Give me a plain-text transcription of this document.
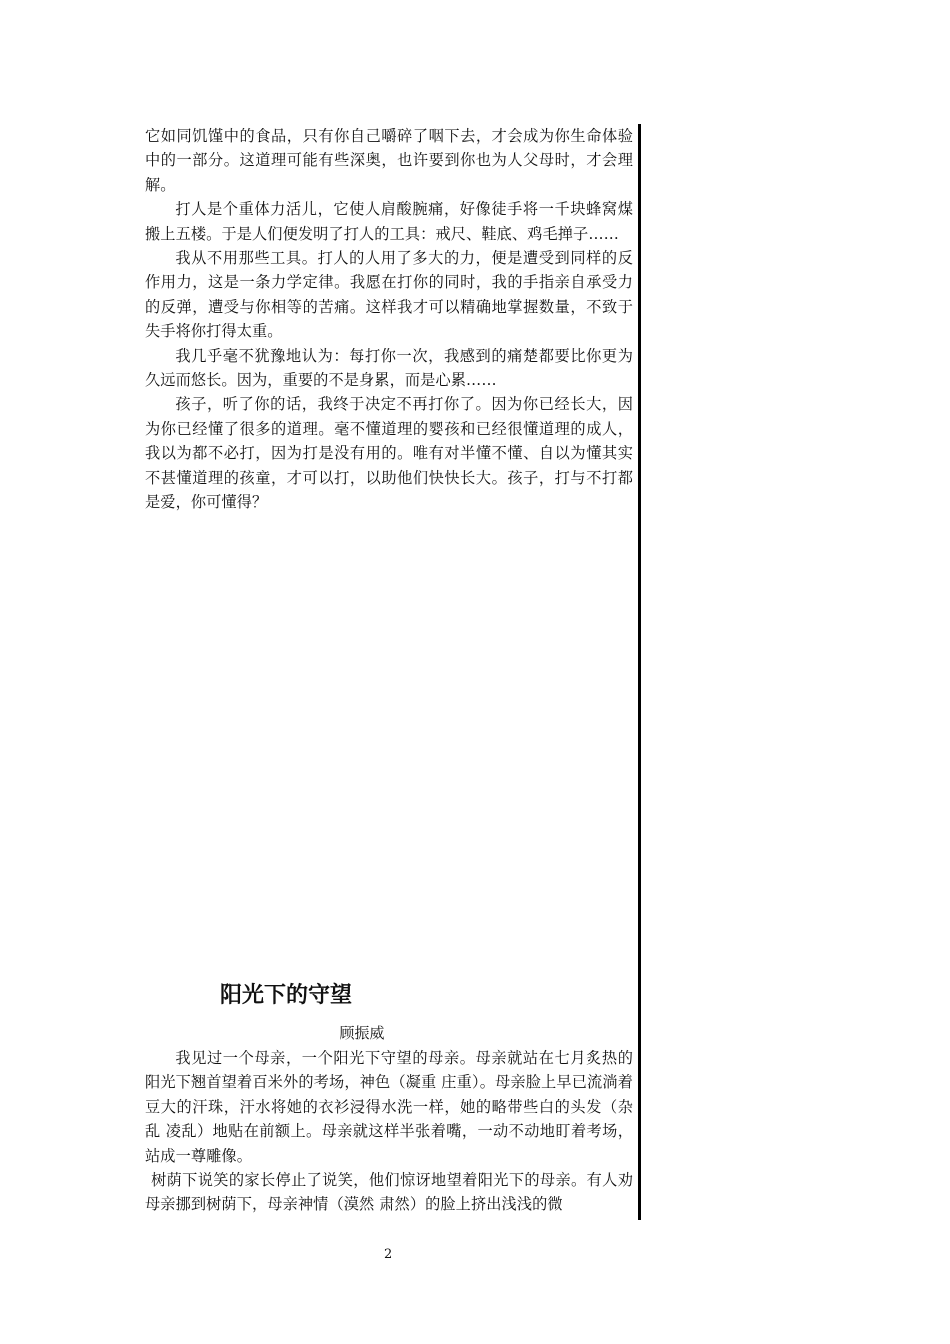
它如同饥馑中的食品，只有你自己嚼碎了咽下去，才会成为你生命体验中的一部分。这道理可能有些深奥，也许要到你也为人父母时，才会理解。

打人是个重体力活儿，它使人肩酸腕痛，好像徒手将一千块蜂窝煤搬上五楼。于是人们便发明了打人的工具：戒尺、鞋底、鸡毛掸子……

我从不用那些工具。打人的人用了多大的力，便是遭受到同样的反作用力，这是一条力学定律。我愿在打你的同时，我的手指亲自承受力的反弹，遭受与你相等的苦痛。这样我才可以精确地掌握数量，不致于失手将你打得太重。

我几乎毫不犹豫地认为：每打你一次，我感到的痛楚都要比你更为久远而悠长。因为，重要的不是身累，而是心累……

孩子，听了你的话，我终于决定不再打你了。因为你已经长大，因为你已经懂了很多的道理。毫不懂道理的婴孩和已经很懂道理的成人，我以为都不必打，因为打是没有用的。唯有对半懂不懂、自以为懂其实不甚懂道理的孩童，才可以打，以助他们快快长大。孩子，打与不打都是爱，你可懂得？

阳光下的守望
顾振威

我见过一个母亲，一个阳光下守望的母亲。母亲就站在七月炙热的阳光下翘首望着百米外的考场，神色（凝重 庄重）。母亲脸上早已流淌着豆大的汗珠，汗水将她的衣衫浸得水洗一样，她的略带些白的头发（杂乱 凌乱）地贴在前额上。母亲就这样半张着嘴，一动不动地盯着考场，站成一尊雕像。

树荫下说笑的家长停止了说笑，他们惊讶地望着阳光下的母亲。有人劝母亲挪到树荫下，母亲神情（漠然 肃然）的脸上挤出浅浅的微

2
